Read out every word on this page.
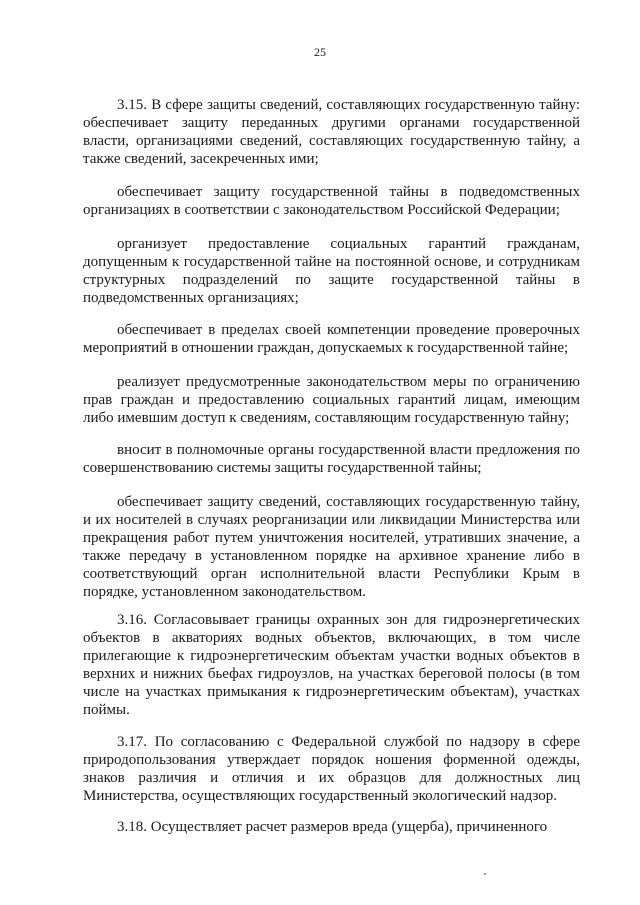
25

3.15. В сфере защиты сведений, составляющих государственную тайну: обеспечивает защиту переданных другими органами государственной власти, организациями сведений, составляющих государственную тайну, а также сведений, засекреченных ими;

обеспечивает защиту государственной тайны в подведомственных организациях в соответствии с законодательством Российской Федерации;

организует предоставление социальных гарантий гражданам, допущенным к государственной тайне на постоянной основе, и сотрудникам структурных подразделений по защите государственной тайны в подведомственных организациях;

обеспечивает в пределах своей компетенции проведение проверочных мероприятий в отношении граждан, допускаемых к государственной тайне;

реализует предусмотренные законодательством меры по ограничению прав граждан и предоставлению социальных гарантий лицам, имеющим либо имевшим доступ к сведениям, составляющим государственную тайну;

вносит в полномочные органы государственной власти предложения по совершенствованию системы защиты государственной тайны;

обеспечивает защиту сведений, составляющих государственную тайну, и их носителей в случаях реорганизации или ликвидации Министерства или прекращения работ путем уничтожения носителей, утративших значение, а также передачу в установленном порядке на архивное хранение либо в соответствующий орган исполнительной власти Республики Крым в порядке, установленном законодательством.

3.16. Согласовывает границы охранных зон для гидроэнергетических объектов в акваториях водных объектов, включающих, в том числе прилегающие к гидроэнергетическим объектам участки водных объектов в верхних и нижних бьефах гидроузлов, на участках береговой полосы (в том числе на участках примыкания к гидроэнергетическим объектам), участках поймы.

3.17. По согласованию с Федеральной службой по надзору в сфере природопользования утверждает порядок ношения форменной одежды, знаков различия и отличия и их образцов для должностных лиц Министерства, осуществляющих государственный экологический надзор.

3.18. Осуществляет расчет размеров вреда (ущерба), причиненного
